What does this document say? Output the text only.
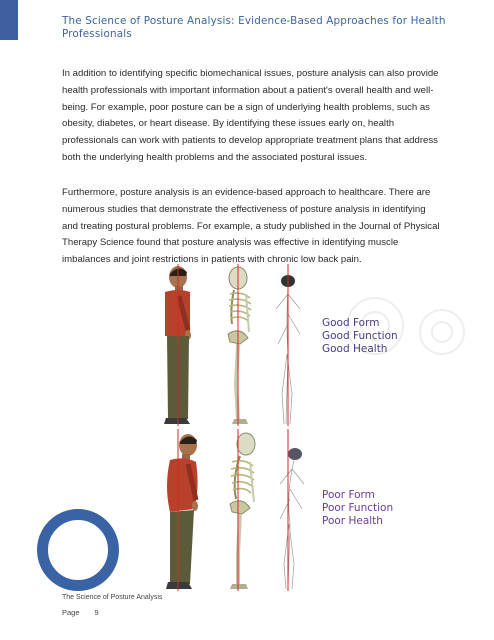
The Science of Posture Analysis: Evidence-Based Approaches for Health Professionals
In addition to identifying specific biomechanical issues, posture analysis can also provide health professionals with important information about a patient's overall health and well-being. For example, poor posture can be a sign of underlying health problems, such as obesity, diabetes, or heart disease. By identifying these issues early on, health professionals can work with patients to develop appropriate treatment plans that address both the underlying health problems and the associated postural issues.
Furthermore, posture analysis is an evidence-based approach to healthcare. There are numerous studies that demonstrate the effectiveness of posture analysis in identifying and treating postural problems. For example, a study published in the Journal of Physical Therapy Science found that posture analysis was effective in identifying muscle imbalances and joint restrictions in patients with chronic low back pain.
Good Form
Good Function
Good Health
Poor Form
Poor Function
Poor Health
The Science of Posture Analysis
Page 9
